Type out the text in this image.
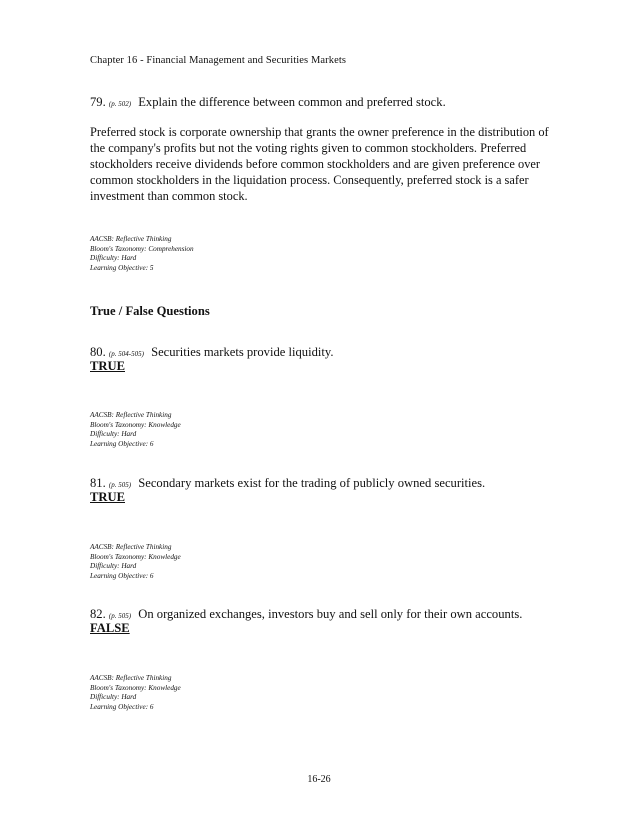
Chapter 16 - Financial Management and Securities Markets
79. (p. 502) Explain the difference between common and preferred stock.
Preferred stock is corporate ownership that grants the owner preference in the distribution of
the company's profits but not the voting rights given to common stockholders. Preferred
stockholders receive dividends before common stockholders and are given preference over
common stockholders in the liquidation process. Consequently, preferred stock is a safer
investment than common stock.
AACSB: Reflective Thinking
Bloom's Taxonomy: Comprehension
Difficulty: Hard
Learning Objective: 5
True / False Questions
80. (p. 504-505) Securities markets provide liquidity.
TRUE
AACSB: Reflective Thinking
Bloom's Taxonomy: Knowledge
Difficulty: Hard
Learning Objective: 6
81. (p. 505) Secondary markets exist for the trading of publicly owned securities.
TRUE
AACSB: Reflective Thinking
Bloom's Taxonomy: Knowledge
Difficulty: Hard
Learning Objective: 6
82. (p. 505) On organized exchanges, investors buy and sell only for their own accounts.
FALSE
AACSB: Reflective Thinking
Bloom's Taxonomy: Knowledge
Difficulty: Hard
Learning Objective: 6
16-26
